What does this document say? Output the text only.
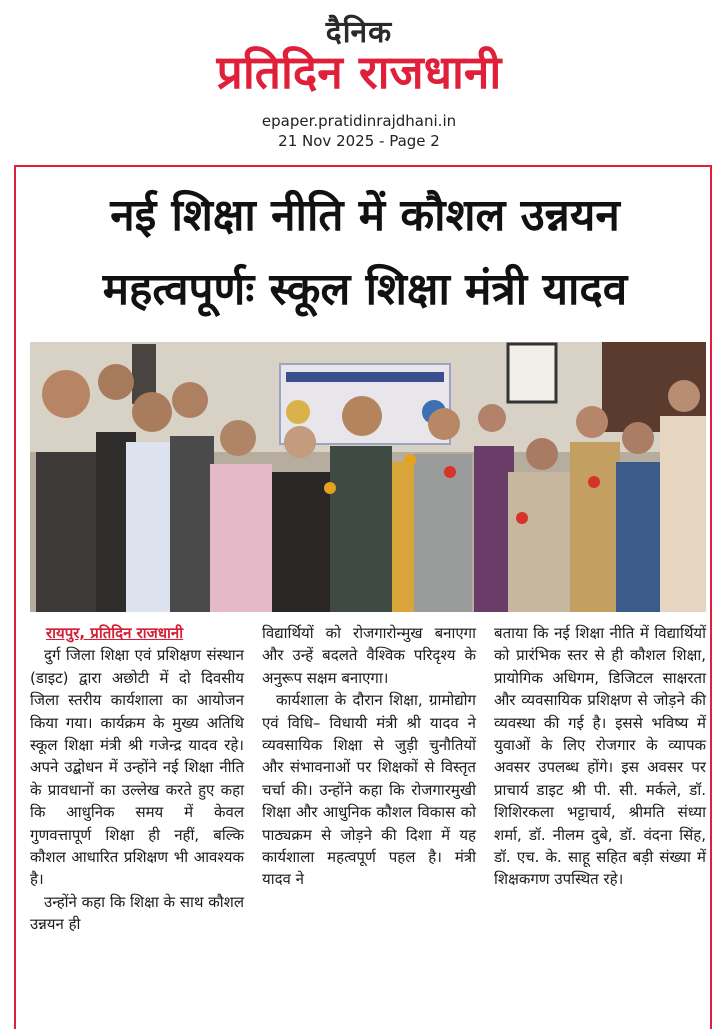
दैनिक
प्रतिदिन राजधानी
epaper.pratidinrajdhani.in
21 Nov 2025 - Page 2
नई शिक्षा नीति में कौशल उन्नयन
महत्वपूर्णः स्कूल शिक्षा मंत्री यादव
रायपुर, प्रतिदिन राजधानी

दुर्ग जिला शिक्षा एवं प्रशिक्षण संस्थान (डाइट) द्वारा अछोटी में दो दिवसीय जिला स्तरीय कार्यशाला का आयोजन किया गया। कार्यक्रम के मुख्य अतिथि स्कूल शिक्षा मंत्री श्री गजेन्द्र यादव रहे। अपने उद्बोधन में उन्होंने नई शिक्षा नीति के प्रावधानों का उल्लेख करते हुए कहा कि आधुनिक समय में केवल गुणवत्तापूर्ण शिक्षा ही नहीं, बल्कि कौशल आधारित प्रशिक्षण भी आवश्यक है।

उन्होंने कहा कि शिक्षा के साथ कौशल उन्नयन ही

विद्यार्थियों को रोजगारोन्मुख बनाएगा और उन्हें बदलते वैश्विक परिदृश्य के अनुरूप सक्षम बनाएगा।

कार्यशाला के दौरान शिक्षा, ग्रामोद्योग एवं विधि– विधायी मंत्री श्री यादव ने व्यवसायिक शिक्षा से जुड़ी चुनौतियों और संभावनाओं पर शिक्षकों से विस्तृत चर्चा की। उन्होंने कहा कि रोजगारमुखी शिक्षा और आधुनिक कौशल विकास को पाठ्यक्रम से जोड़ने की दिशा में यह कार्यशाला महत्वपूर्ण पहल है। मंत्री यादव ने

बताया कि नई शिक्षा नीति में विद्यार्थियों को प्रारंभिक स्तर से ही कौशल शिक्षा, प्रायोगिक अधिगम, डिजिटल साक्षरता और व्यवसायिक प्रशिक्षण से जोड़ने की व्यवस्था की गई है। इससे भविष्य में युवाओं के लिए रोजगार के व्यापक अवसर उपलब्ध होंगे। इस अवसर पर प्राचार्य डाइट श्री पी. सी. मर्कले, डॉ. शिशिरकला भट्टाचार्य, श्रीमति संध्या शर्मा, डॉ. नीलम दुबे, डॉ. वंदना सिंह, डॉ. एच. के. साहू सहित बड़ी संख्या में शिक्षकगण उपस्थित रहे।
